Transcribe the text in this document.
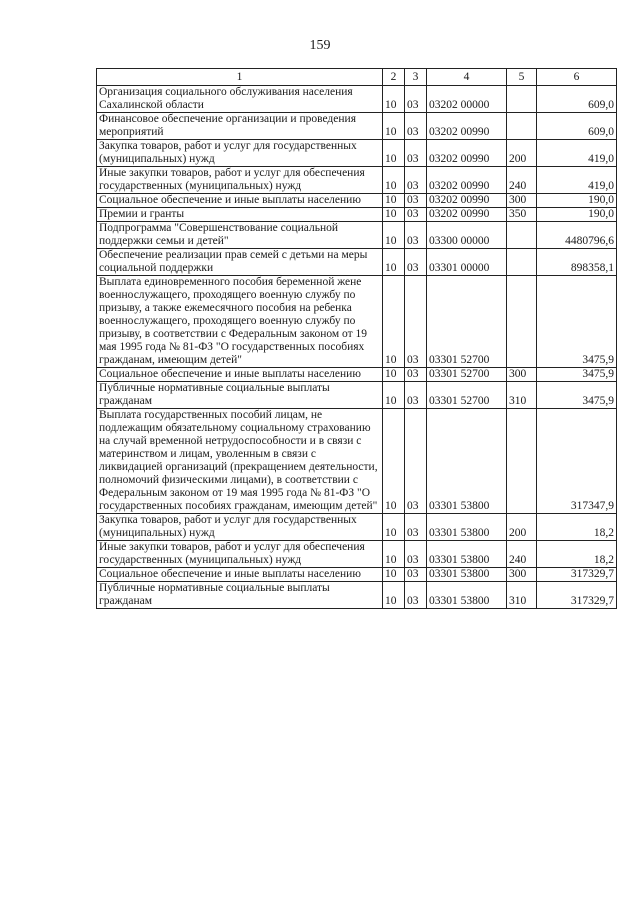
159
1	2	3	4	5	6
Организация социального обслуживания населения Сахалинской области	10	03	03202 00000		609,0
Финансовое обеспечение организации и проведения мероприятий	10	03	03202 00990		609,0
Закупка товаров, работ и услуг для государственных (муниципальных) нужд	10	03	03202 00990	200	419,0
Иные закупки товаров, работ и услуг для обеспечения государственных (муниципальных) нужд	10	03	03202 00990	240	419,0
Социальное обеспечение и иные выплаты населению	10	03	03202 00990	300	190,0
Премии и гранты	10	03	03202 00990	350	190,0
Подпрограмма "Совершенствование социальной поддержки семьи и детей"	10	03	03300 00000		4480796,6
Обеспечение реализации прав семей с детьми на меры социальной поддержки	10	03	03301 00000		898358,1
Выплата единовременного пособия беременной жене военнослужащего, проходящего военную службу по призыву, а также ежемесячного пособия на ребенка военнослужащего, проходящего военную службу по призыву, в соответствии с Федеральным законом от 19 мая 1995 года № 81-ФЗ "О государственных пособиях гражданам, имеющим детей"	10	03	03301 52700		3475,9
Социальное обеспечение и иные выплаты населению	10	03	03301 52700	300	3475,9
Публичные нормативные социальные выплаты гражданам	10	03	03301 52700	310	3475,9
Выплата государственных пособий лицам, не подлежащим обязательному социальному страхованию на случай временной нетрудоспособности и в связи с материнством и лицам, уволенным в связи с ликвидацией организаций (прекращением деятельности, полномочий физическими лицами), в соответствии с Федеральным законом от 19 мая 1995 года № 81-ФЗ "О государственных пособиях гражданам, имеющим детей"	10	03	03301 53800		317347,9
Закупка товаров, работ и услуг для государственных (муниципальных) нужд	10	03	03301 53800	200	18,2
Иные закупки товаров, работ и услуг для обеспечения государственных (муниципальных) нужд	10	03	03301 53800	240	18,2
Социальное обеспечение и иные выплаты населению	10	03	03301 53800	300	317329,7
Публичные нормативные социальные выплаты гражданам	10	03	03301 53800	310	317329,7
